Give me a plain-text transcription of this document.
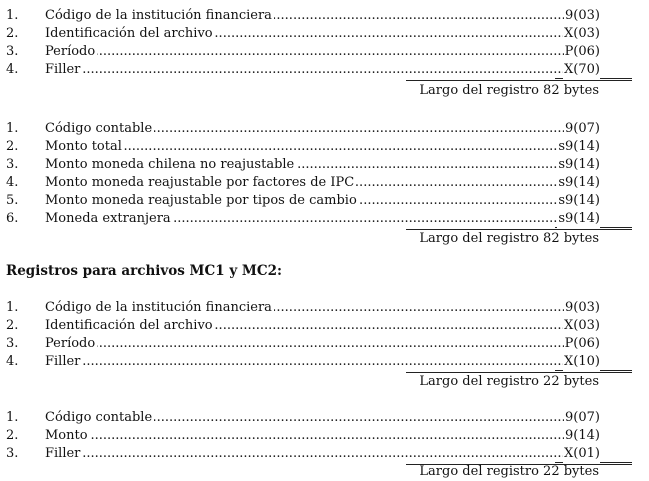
1. Código de la institución financiera .....	9(03)
2. Identificación del archivo .....	X(03)
3. Período .....	P(06)
4. Filler .....	X(70)
Largo del registro 82 bytes
1. Código contable .....	9(07)
2. Monto total .....	s9(14)
3. Monto moneda chilena no reajustable .....	s9(14)
4. Monto moneda reajustable por factores de IPC .....	s9(14)
5. Monto moneda reajustable por tipos de cambio .....	s9(14)
6. Moneda extranjera .....	s9(14)
Largo del registro 82 bytes
Registros para archivos MC1 y MC2:
1. Código de la institución financiera .....	9(03)
2. Identificación del archivo .....	X(03)
3. Período .....	P(06)
4. Filler .....	X(10)
Largo del registro 22 bytes
1. Código contable .....	9(07)
2. Monto .....	9(14)
3. Filler .....	X(01)
Largo del registro 22 bytes
